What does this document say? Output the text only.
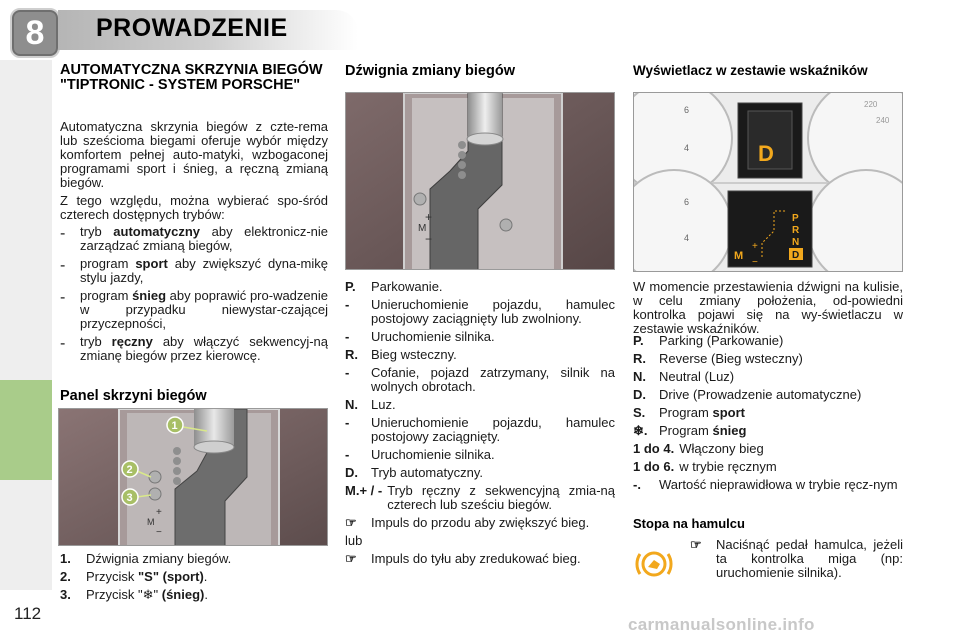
8	PROWADZENIE
AUTOMATYCZNA SKRZYNIA BIEGÓW "TIPTRONIC - SYSTEM PORSCHE"
Automatyczna skrzynia biegów z czte-rema lub sześcioma biegami oferuje wybór między komfortem pełnej auto-matyki, wzbogaconej programami sport i śnieg, a ręczną zmianą biegów.
Z tego względu, można wybierać spo-śród czterech dostępnych trybów:
-	tryb automatyczny aby elektronicz-nie zarządzać zmianą biegów,
-	program sport aby zwiększyć dyna-mikę stylu jazdy,
-	program śnieg aby poprawić pro-wadzenie w przypadku niewystar-czającej przyczepności,
-	tryb ręczny aby włączyć sekwencyj-ną zmianę biegów przez kierowcę.
Panel skrzyni biegów
+
M
−
1
2
3
1.	Dźwignia zmiany biegów.
2.	Przycisk "S" (sport).
3.	Przycisk "❄" (śnieg).
Dźwignia zmiany biegów
+
M
−
P.	Parkowanie.
-	Unieruchomienie pojazdu, hamulec postojowy zaciągnięty lub zwolniony.
-	Uruchomienie silnika.
R.	Bieg wsteczny.
-	Cofanie, pojazd zatrzymany, silnik na wolnych obrotach.
N.	Luz.
-	Unieruchomienie pojazdu, hamulec postojowy zaciągnięty.
-	Uruchomienie silnika.
D.	Tryb automatyczny.
M.+ / - Tryb ręczny z sekwencyjną zmia-ną czterech lub sześciu biegów.
☞	Impuls do przodu aby zwiększyć bieg.
lub
☞	Impuls do tyłu aby zredukować bieg.
Wyświetlacz w zestawie wskaźników
6
4
220
240
D
6
4
M
+
−
P
R
N
D
W momencie przestawienia dźwigni na kulisie, w celu zmiany położenia, od-powiedni kontrolka pojawi się na wy-świetlaczu w zestawie wskaźników.
P.	Parking (Parkowanie)
R.	Reverse (Bieg wsteczny)
N.	Neutral (Luz)
D.	Drive (Prowadzenie automatyczne)
S.	Program sport
❄. Program śnieg
1 do 4. Włączony bieg
1 do 6. w trybie ręcznym
-.	Wartość nieprawidłowa w trybie ręcz-nym
Stopa na hamulcu
☞	Naciśnąć pedał hamulca, jeżeli ta kontrolka miga (np: uruchomienie silnika).
112
carmanualsonline.info
